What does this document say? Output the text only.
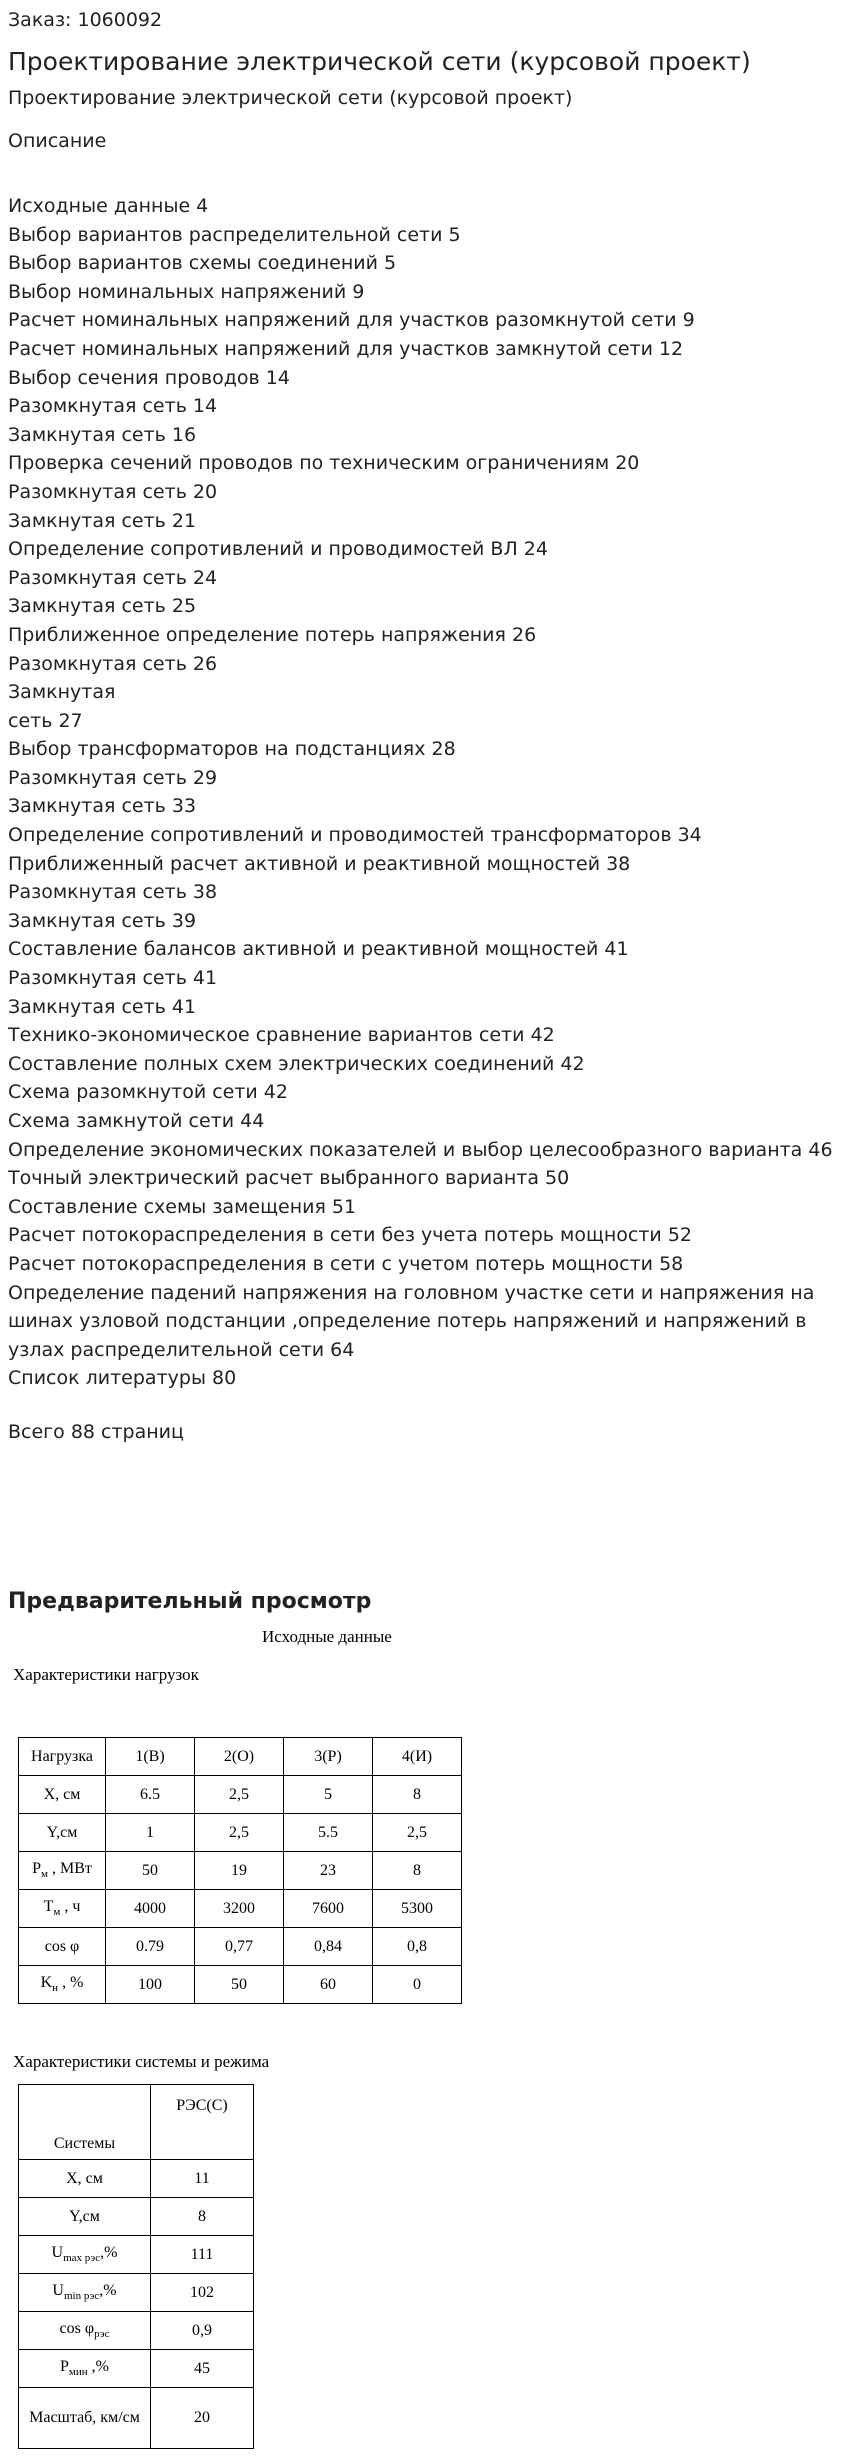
Заказ: 1060092
Проектирование электрической сети (курсовой проект)
Проектирование электрической сети (курсовой проект)
Описание
Исходные данные 4
Выбор вариантов распределительной сети 5
Выбор вариантов схемы соединений 5
Выбор номинальных напряжений 9
Расчет номинальных напряжений для участков разомкнутой сети 9
Расчет номинальных напряжений для участков замкнутой сети 12
Выбор сечения проводов 14
Разомкнутая сеть 14
Замкнутая сеть 16
Проверка сечений проводов по техническим ограничениям 20
Разомкнутая сеть 20
Замкнутая сеть 21
Определение сопротивлений и проводимостей ВЛ 24
Разомкнутая сеть 24
Замкнутая сеть 25
Приближенное определение потерь напряжения 26
Разомкнутая сеть 26
Замкнутая
сеть 27
Выбор трансформаторов на подстанциях 28
Разомкнутая сеть 29
Замкнутая сеть 33
Определение сопротивлений и проводимостей трансформаторов 34
Приближенный расчет активной и реактивной мощностей 38
Разомкнутая сеть 38
Замкнутая сеть 39
Составление балансов активной и реактивной мощностей 41
Разомкнутая сеть 41
Замкнутая сеть 41
Технико-экономическое сравнение вариантов сети 42
Составление полных схем электрических соединений 42
Схема разомкнутой сети 42
Схема замкнутой сети 44
Определение экономических показателей и выбор целесообразного варианта 46
Точный электрический расчет выбранного варианта 50
Составление схемы замещения 51
Расчет потокораспределения в сети без учета потерь мощности 52
Расчет потокораспределения в сети с учетом потерь мощности 58
Определение падений напряжения на головном участке сети и напряжения на шинах узловой подстанции ,определение потерь напряжений и напряжений в узлах распределительной сети 64
Список литературы 80
Всего 88 страниц
Предварительный просмотр
Исходные данные
Характеристики нагрузок
Нагрузка	1(В)	2(О)	3(Р)	4(И)
X, см	6.5	2,5	5	8
Y,см	1	2,5	5.5	2,5
$P_м$ , МВт	50	19	23	8
$T_м$ , ч	4000	3200	7600	5300
cos φ	0.79	0,77	0,84	0,8
$K_н$ , %	100	50	60	0
Характеристики системы и режима
Системы	РЭС(С)
X, см	11
Y,см	8
$U_{max рэс},\%$	111
$U_{min рэс},\%$	102
$\cos \varphi_{рэс}$	0,9
$P_{мин}$ ,%	45
Масштаб, км/см	20
